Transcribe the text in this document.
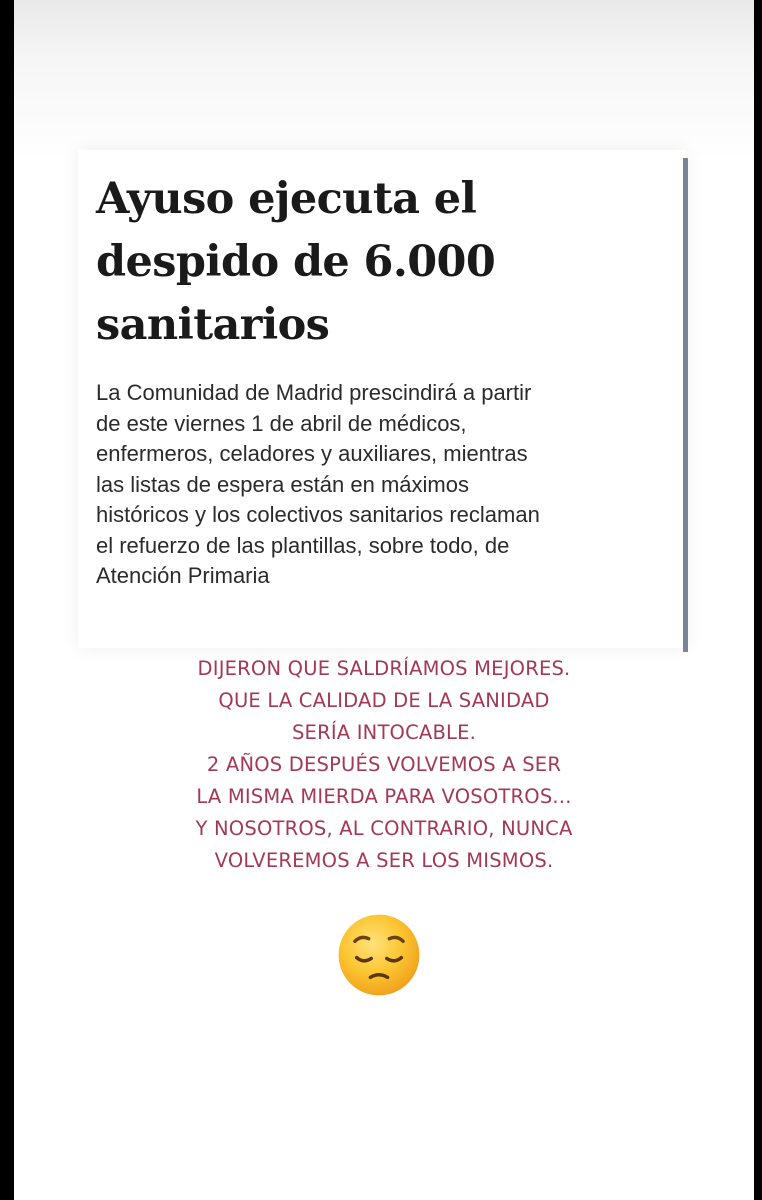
Ayuso ejecuta el
despido de 6.000
sanitarios

La Comunidad de Madrid prescindirá a partir
de este viernes 1 de abril de médicos,
enfermeros, celadores y auxiliares, mientras
las listas de espera están en máximos
históricos y los colectivos sanitarios reclaman
el refuerzo de las plantillas, sobre todo, de
Atención Primaria

DIJERON QUE SALDRÍAMOS MEJORES.
QUE LA CALIDAD DE LA SANIDAD
SERÍA INTOCABLE.
2 AÑOS DESPUÉS VOLVEMOS A SER
LA MISMA MIERDA PARA VOSOTROS...
Y NOSOTROS, AL CONTRARIO, NUNCA
VOLVEREMOS A SER LOS MISMOS.
